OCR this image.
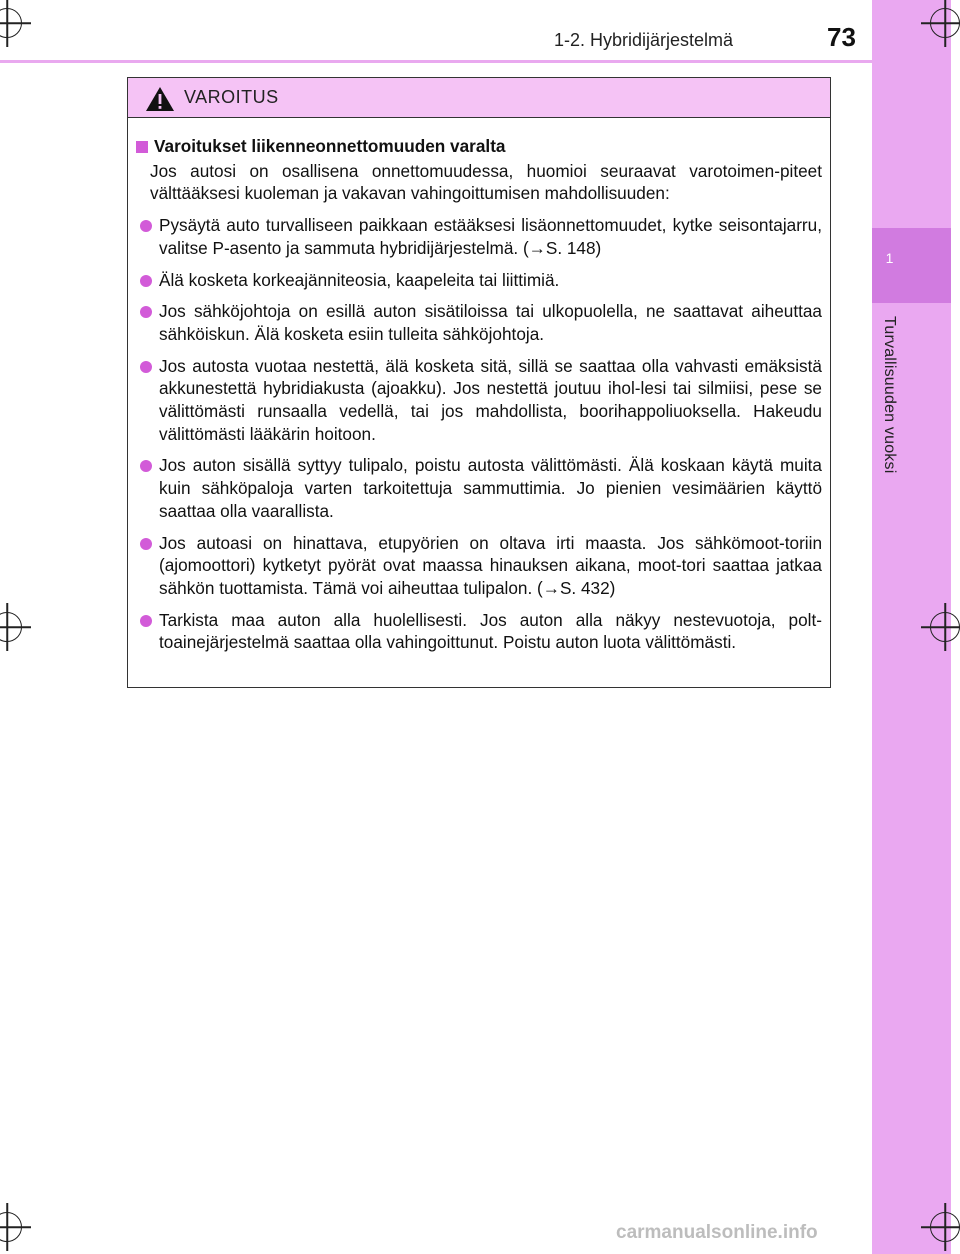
1-2. Hybridijärjestelmä	73
1
Turvallisuuden vuoksi
VAROITUS
Varoitukset liikenneonnettomuuden varalta
Jos autosi on osallisena onnettomuudessa, huomioi seuraavat varotoimen-piteet välttääksesi kuoleman ja vakavan vahingoittumisen mahdollisuuden:
Pysäytä auto turvalliseen paikkaan estääksesi lisäonnettomuudet, kytke seisontajarru, valitse P-asento ja sammuta hybridijärjestelmä. (→S. 148)
Älä kosketa korkeajänniteosia, kaapeleita tai liittimiä.
Jos sähköjohtoja on esillä auton sisätiloissa tai ulkopuolella, ne saattavat aiheuttaa sähköiskun. Älä kosketa esiin tulleita sähköjohtoja.
Jos autosta vuotaa nestettä, älä kosketa sitä, sillä se saattaa olla vahvasti emäksistä akkunestettä hybridiakusta (ajoakku). Jos nestettä joutuu ihol-lesi tai silmiisi, pese se välittömästi runsaalla vedellä, tai jos mahdollista, boorihappoliuoksella. Hakeudu välittömästi lääkärin hoitoon.
Jos auton sisällä syttyy tulipalo, poistu autosta välittömästi. Älä koskaan käytä muita kuin sähköpaloja varten tarkoitettuja sammuttimia. Jo pienien vesimäärien käyttö saattaa olla vaarallista.
Jos autoasi on hinattava, etupyörien on oltava irti maasta. Jos sähkömoot-toriin (ajomoottori) kytketyt pyörät ovat maassa hinauksen aikana, moot-tori saattaa jatkaa sähkön tuottamista. Tämä voi aiheuttaa tulipalon. (→S. 432)
Tarkista maa auton alla huolellisesti. Jos auton alla näkyy nestevuotoja, polt-toainejärjestelmä saattaa olla vahingoittunut. Poistu auton luota välittömästi.
carmanualsonline.info
